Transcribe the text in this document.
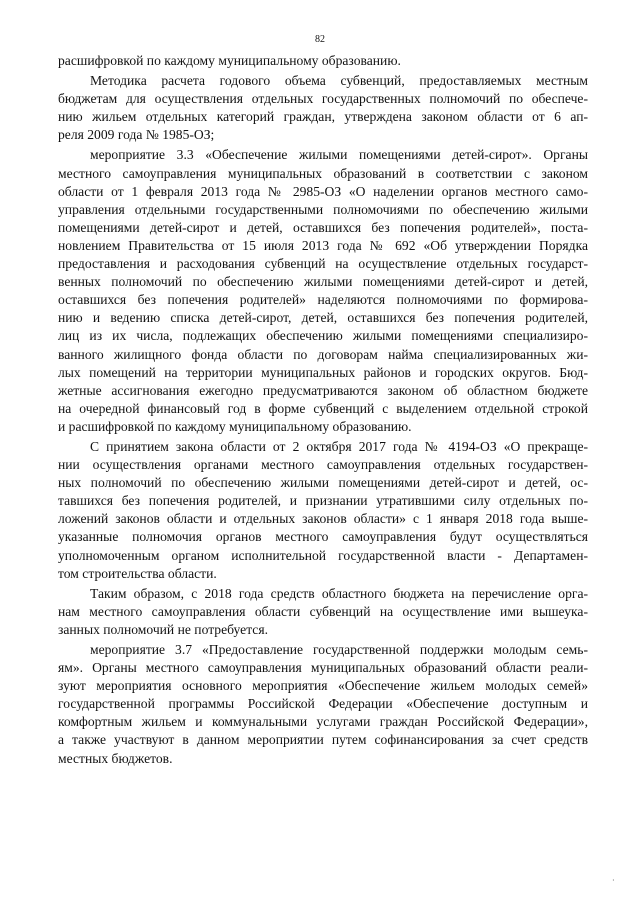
82
расшифровкой по каждому муниципальному образованию.
Методика расчета годового объема субвенций, предоставляемых местным
бюджетам для осуществления отдельных государственных полномочий по обеспече-
нию жильем отдельных категорий граждан, утверждена законом области от 6 ап-
реля 2009 года № 1985-ОЗ;
мероприятие 3.3 «Обеспечение жилыми помещениями детей-сирот». Органы
местного самоуправления муниципальных образований в соответствии с законом
области от 1 февраля 2013 года № 2985-ОЗ «О наделении органов местного само-
управления отдельными государственными полномочиями по обеспечению жилыми
помещениями детей-сирот и детей, оставшихся без попечения родителей», поста-
новлением Правительства от 15 июля 2013 года № 692 «Об утверждении Порядка
предоставления и расходования субвенций на осуществление отдельных государст-
венных полномочий по обеспечению жилыми помещениями детей-сирот и детей,
оставшихся без попечения родителей» наделяются полномочиями по формирова-
нию и ведению списка детей-сирот, детей, оставшихся без попечения родителей,
лиц из их числа, подлежащих обеспечению жилыми помещениями специализиро-
ванного жилищного фонда области по договорам найма специализированных жи-
лых помещений на территории муниципальных районов и городских округов. Бюд-
жетные ассигнования ежегодно предусматриваются законом об областном бюджете
на очередной финансовый год в форме субвенций с выделением отдельной строкой
и расшифровкой по каждому муниципальному образованию.
С принятием закона области от 2 октября 2017 года № 4194-ОЗ «О прекраще-
нии осуществления органами местного самоуправления отдельных государствен-
ных полномочий по обеспечению жилыми помещениями детей-сирот и детей, ос-
тавшихся без попечения родителей, и признании утратившими силу отдельных по-
ложений законов области и отдельных законов области» с 1 января 2018 года выше-
указанные полномочия органов местного самоуправления будут осуществляться
уполномоченным органом исполнительной государственной власти - Департамен-
том строительства области.
Таким образом, с 2018 года средств областного бюджета на перечисление орга-
нам местного самоуправления области субвенций на осуществление ими вышеука-
занных полномочий не потребуется.
мероприятие 3.7 «Предоставление государственной поддержки молодым семь-
ям». Органы местного самоуправления муниципальных образований области реали-
зуют мероприятия основного мероприятия «Обеспечение жильем молодых семей»
государственной программы Российской Федерации «Обеспечение доступным и
комфортным жильем и коммунальными услугами граждан Российской Федерации»,
а также участвуют в данном мероприятии путем софинансирования за счет средств
местных бюджетов.
·
